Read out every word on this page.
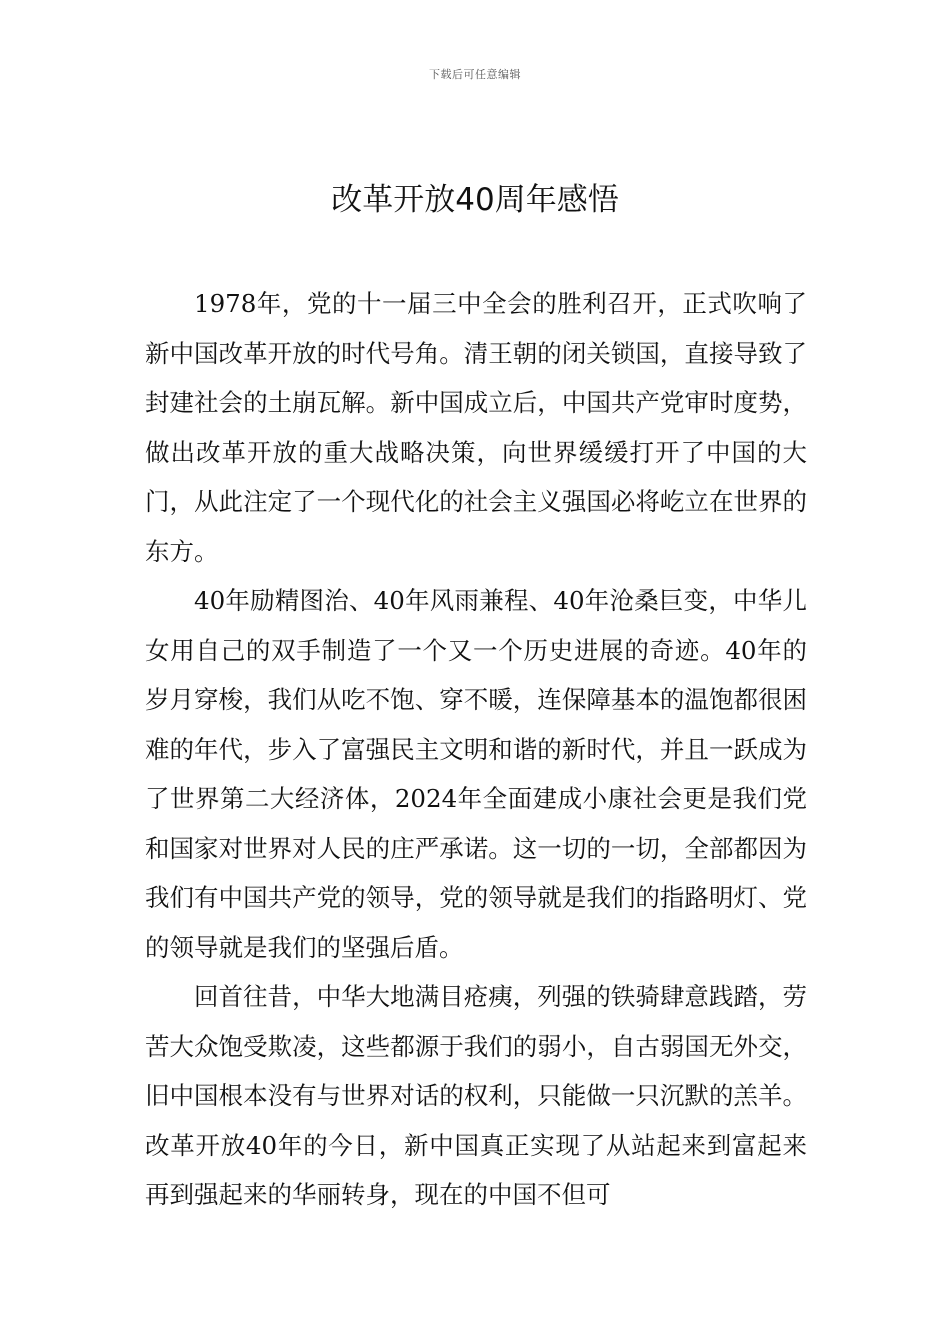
下载后可任意编辑
改革开放40周年感悟

1978年，党的十一届三中全会的胜利召开，正式吹响了新中国改革开放的时代号角。清王朝的闭关锁国，直接导致了封建社会的土崩瓦解。新中国成立后，中国共产党审时度势，做出改革开放的重大战略决策，向世界缓缓打开了中国的大门，从此注定了一个现代化的社会主义强国必将屹立在世界的东方。

40年励精图治、40年风雨兼程、40年沧桑巨变，中华儿女用自己的双手制造了一个又一个历史进展的奇迹。40年的岁月穿梭，我们从吃不饱、穿不暖，连保障基本的温饱都很困难的年代，步入了富强民主文明和谐的新时代，并且一跃成为了世界第二大经济体，2024年全面建成小康社会更是我们党和国家对世界对人民的庄严承诺。这一切的一切，全部都因为我们有中国共产党的领导，党的领导就是我们的指路明灯、党的领导就是我们的坚强后盾。

回首往昔，中华大地满目疮痍，列强的铁骑肆意践踏，劳苦大众饱受欺凌，这些都源于我们的弱小，自古弱国无外交，旧中国根本没有与世界对话的权利，只能做一只沉默的羔羊。改革开放40年的今日，新中国真正实现了从站起来到富起来再到强起来的华丽转身，现在的中国不但可
